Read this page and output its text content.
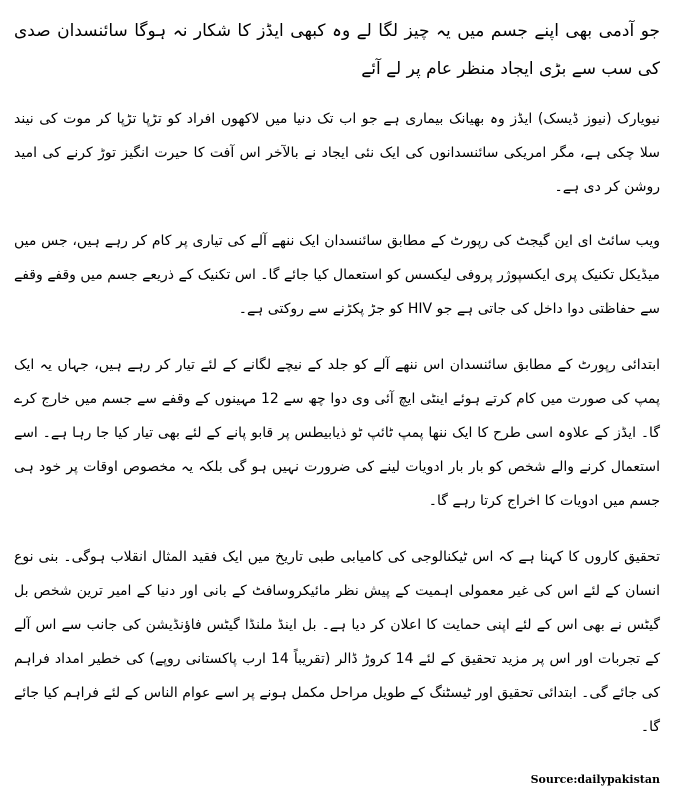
جو آدمی بھی اپنے جسم میں یہ چیز لگا لے وہ کبھی ایڈز کا شکار نہ ہوگا سائنسدان صدی کی سب سے بڑی ایجاد منظر عام پر لے آئے

نیویارک (نیوز ڈیسک) ایڈز وہ بھیانک بیماری ہے جو اب تک دنیا میں لاکھوں افراد کو تڑپا تڑپا کر موت کی نیند سلا چکی ہے، مگر امریکی سائنسدانوں کی ایک نئی ایجاد نے بالآخر اس آفت کا حیرت انگیز توڑ کرنے کی امید روشن کر دی ہے۔

ویب سائٹ ای این گیجٹ کی رپورٹ کے مطابق سائنسدان ایک ننھے آلے کی تیاری پر کام کر رہے ہیں، جس میں میڈیکل تکنیک پری ایکسپوژر پروفی لیکسس کو استعمال کیا جائے گا۔ اس تکنیک کے ذریعے جسم میں وقفے وقفے سے حفاظتی دوا داخل کی جاتی ہے جو HIV کو جڑ پکڑنے سے روکتی ہے۔

ابتدائی رپورٹ کے مطابق سائنسدان اس ننھے آلے کو جلد کے نیچے لگانے کے لئے تیار کر رہے ہیں، جہاں یہ ایک پمپ کی صورت میں کام کرتے ہوئے اینٹی ایچ آئی وی دوا چھ سے 12 مہینوں کے وقفے سے جسم میں خارج کرے گا۔ ایڈز کے علاوہ اسی طرح کا ایک ننھا پمپ ٹائپ ٹو ذیابیطس پر قابو پانے کے لئے بھی تیار کیا جا رہا ہے۔ اسے استعمال کرنے والے شخص کو بار بار ادویات لینے کی ضرورت نہیں ہو گی بلکہ یہ مخصوص اوقات پر خود ہی جسم میں ادویات کا اخراج کرتا رہے گا۔

تحقیق کاروں کا کہنا ہے کہ اس ٹیکنالوجی کی کامیابی طبی تاریخ میں ایک فقید المثال انقلاب ہوگی۔ بنی نوع انسان کے لئے اس کی غیر معمولی اہمیت کے پیش نظر مائیکروسافٹ کے بانی اور دنیا کے امیر ترین شخص بل گیٹس نے بھی اس کے لئے اپنی حمایت کا اعلان کر دیا ہے۔ بل اینڈ ملنڈا گیٹس فاؤنڈیشن کی جانب سے اس آلے کے تجربات اور اس پر مزید تحقیق کے لئے 14 کروڑ ڈالر (تقریباً 14 ارب پاکستانی روپے) کی خطیر امداد فراہم کی جائے گی۔ ابتدائی تحقیق اور ٹیسٹنگ کے طویل مراحل مکمل ہونے پر اسے عوام الناس کے لئے فراہم کیا جائے گا۔

Source:dailypakistan
